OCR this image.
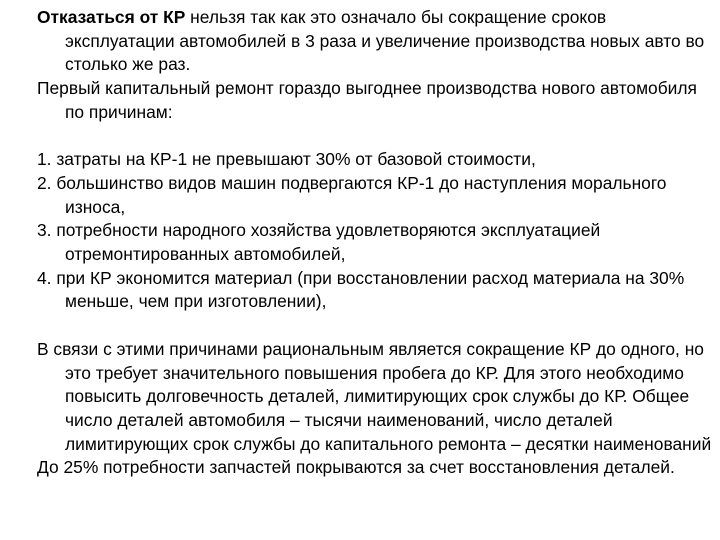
Отказаться от КР нельзя так как это означало бы сокращение сроков эксплуатации автомобилей в 3 раза и увеличение производства новых авто во столько же раз.

Первый капитальный ремонт гораздо выгоднее производства нового автомобиля по причинам:

1. затраты на КР-1 не превышают 30% от базовой стоимости,

2. большинство видов машин подвергаются КР-1 до наступления морального износа,

3. потребности народного хозяйства удовлетворяются эксплуатацией отремонтированных автомобилей,

4. при КР экономится материал (при восстановлении расход материала на 30% меньше, чем при изготовлении),

В связи с этими причинами рациональным является сокращение КР до одного, но это требует значительного повышения пробега до КР. Для этого необходимо повысить долговечность деталей, лимитирующих срок службы до КР. Общее число деталей автомобиля – тысячи наименований, число деталей лимитирующих срок службы до капитального ремонта – десятки наименований

До 25% потребности запчастей покрываются за счет восстановления деталей.
